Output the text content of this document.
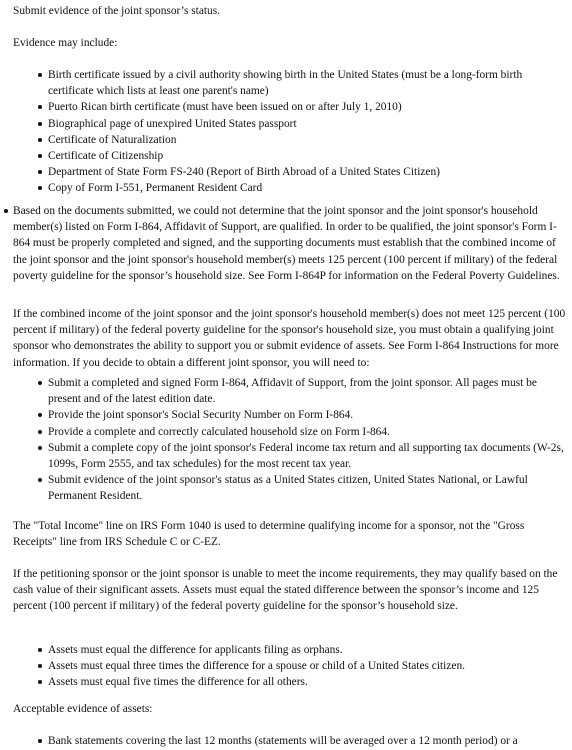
Submit evidence of the joint sponsor’s status.

Evidence may include:

Birth certificate issued by a civil authority showing birth in the United States (must be a long-form birth certificate which lists at least one parent's name)
Puerto Rican birth certificate (must have been issued on or after July 1, 2010)
Biographical page of unexpired United States passport
Certificate of Naturalization
Certificate of Citizenship
Department of State Form FS-240 (Report of Birth Abroad of a United States Citizen)
Copy of Form I-551, Permanent Resident Card

Based on the documents submitted, we could not determine that the joint sponsor and the joint sponsor's household member(s) listed on Form I-864, Affidavit of Support, are qualified. In order to be qualified, the joint sponsor's Form I-864 must be properly completed and signed, and the supporting documents must establish that the combined income of the joint sponsor and the joint sponsor's household member(s) meets 125 percent (100 percent if military) of the federal poverty guideline for the sponsor’s household size. See Form I-864P for information on the Federal Poverty Guidelines.

If the combined income of the joint sponsor and the joint sponsor's household member(s) does not meet 125 percent (100 percent if military) of the federal poverty guideline for the sponsor's household size, you must obtain a qualifying joint sponsor who demonstrates the ability to support you or submit evidence of assets. See Form I-864 Instructions for more information. If you decide to obtain a different joint sponsor, you will need to:

Submit a completed and signed Form I-864, Affidavit of Support, from the joint sponsor. All pages must be present and of the latest edition date.
Provide the joint sponsor's Social Security Number on Form I-864.
Provide a complete and correctly calculated household size on Form I-864.
Submit a complete copy of the joint sponsor's Federal income tax return and all supporting tax documents (W-2s, 1099s, Form 2555, and tax schedules) for the most recent tax year.
Submit evidence of the joint sponsor's status as a United States citizen, United States National, or Lawful Permanent Resident.

The "Total Income" line on IRS Form 1040 is used to determine qualifying income for a sponsor, not the "Gross Receipts" line from IRS Schedule C or C-EZ.

If the petitioning sponsor or the joint sponsor is unable to meet the income requirements, they may qualify based on the cash value of their significant assets. Assets must equal the stated difference between the sponsor’s income and 125 percent (100 percent if military) of the federal poverty guideline for the sponsor’s household size.

Assets must equal the difference for applicants filing as orphans.
Assets must equal three times the difference for a spouse or child of a United States citizen.
Assets must equal five times the difference for all others.

Acceptable evidence of assets:

Bank statements covering the last 12 months (statements will be averaged over a 12 month period) or a
